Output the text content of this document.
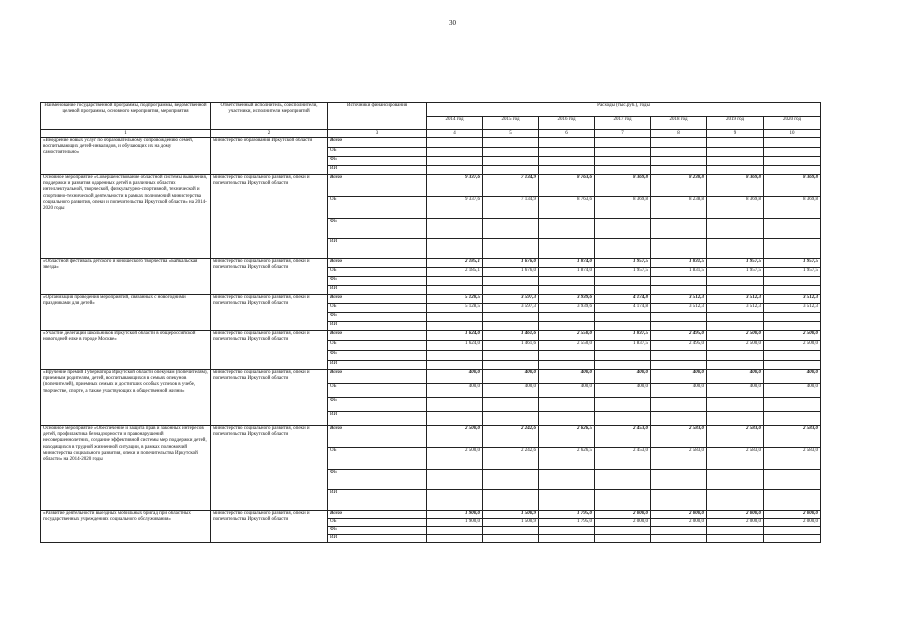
30
Наименование государственной программы, подпрограммы, ведомственной целевой программы, основного мероприятия, мероприятия	Ответственный исполнитель, соисполнители, участники, исполнители мероприятий	Источники финансирования	Расходы (тыс.руб.), годы						
			2014 год	2015 год	2016 год	2017 год	2018 год	2019 год	2020 год
1	2	3	4	5	6	7	8	9	10
«Внедрение новых услуг по образовательному сопровождению семей, воспитывающих детей-инвалидов, и обучающих их на дому самостоятельно»	министерство образования Иркутской области	Всего							
		ОБ							
		ФБ							
		ИИ							
Основное мероприятие «Совершенствование областной системы выявления, поддержки и развития одаренных детей в различных областях интеллектуальной, творческой, физкультурно-спортивной, технической и спортивно-технической деятельности в рамках полномочий министерства социального развития, опеки и попечительства Иркутской области» на 2014-2020 годы	министерство социального развития, опеки и попечительства Иркутской области	Всего	9 337,6	7 134,9	8 763,6	8 369,8	8 238,8	8 369,8	8 369,8
		ОБ	9 337,6	7 134,9	8 763,6	8 369,8	8 238,8	8 369,8	8 369,8
		ФБ							
		ИИ							
«Областной фестиваль детского и юношеского творчества «Байкальская звезда»	министерство социального развития, опеки и попечительства Иркутской области	Всего	2 185,1	1 676,0	1 874,0	1 957,5	1 831,5	1 957,5	1 957,5
		ОБ	2 185,1	1 676,0	1 874,0	1 957,5	1 831,5	1 957,5	1 957,5
		ФБ							
		ИИ							
«Организация проведения мероприятий, связанных с новогодними праздниками для детей»	министерство социального развития, опеки и попечительства Иркутской области	Всего	5 128,5	3 597,3	3 939,6	4 174,8	3 512,3	3 512,3	3 512,3
		ОБ	5 128,5	3 597,3	3 939,6	4 174,8	3 512,3	3 512,3	3 512,3
		ФБ							
		ИИ							
«Участие делегации школьников Иркутской области в общероссийской новогодней елке в городе Москве»	министерство социального развития, опеки и попечительства Иркутской области	Всего	1 624,0	1 461,6	2 550,0	1 837,5	2 495,0	2 500,0	2 500,0
		ОБ	1 624,0	1 461,6	2 550,0	1 837,5	2 495,0	2 500,0	2 500,0
		ФБ							
		ИИ							
«Вручение премий Губернатора Иркутской области опекунам (попечителям), приемным родителям, детей, воспитывающихся в семьях опекунов (попечителей), приемных семьях и достигших особых успехов в учебе, творчестве, спорте, а также участвующих в общественной жизни»	министерство социального развития, опеки и попечительства Иркутской области	Всего	400,0	400,0	400,0	400,0	400,0	400,0	400,0
		ОБ	400,0	400,0	400,0	400,0	400,0	400,0	400,0
		ФБ							
		ИИ							
Основное мероприятие «Обеспечение и защита прав и законных интересов детей, профилактика безнадзорности и правонарушений несовершеннолетних, создание эффективной системы мер поддержки детей, находящихся в трудной жизненной ситуации, в рамках полномочий министерства социального развития, опеки и попечительства Иркутской области» на 2014-2020 годы	министерство социального развития, опеки и попечительства Иркутской области	Всего	2 500,0	2 242,6	2 626,5	2 453,0	2 583,0	2 583,0	2 583,0
		ОБ	2 500,0	2 242,6	2 626,5	2 453,0	2 583,0	2 583,0	2 583,0
		ФБ							
		ИИ							
«Развитие деятельности выездных мобильных бригад при областных государственных учреждениях социального обслуживания»	министерство социального развития, опеки и попечительства Иркутской области	Всего	1 900,0	1 500,9	1 795,0	2 000,0	2 000,0	2 000,0	2 000,0
		ОБ	1 900,0	1 500,9	1 795,0	2 000,0	2 000,0	2 000,0	2 000,0
		ФБ							
		ИИ							
